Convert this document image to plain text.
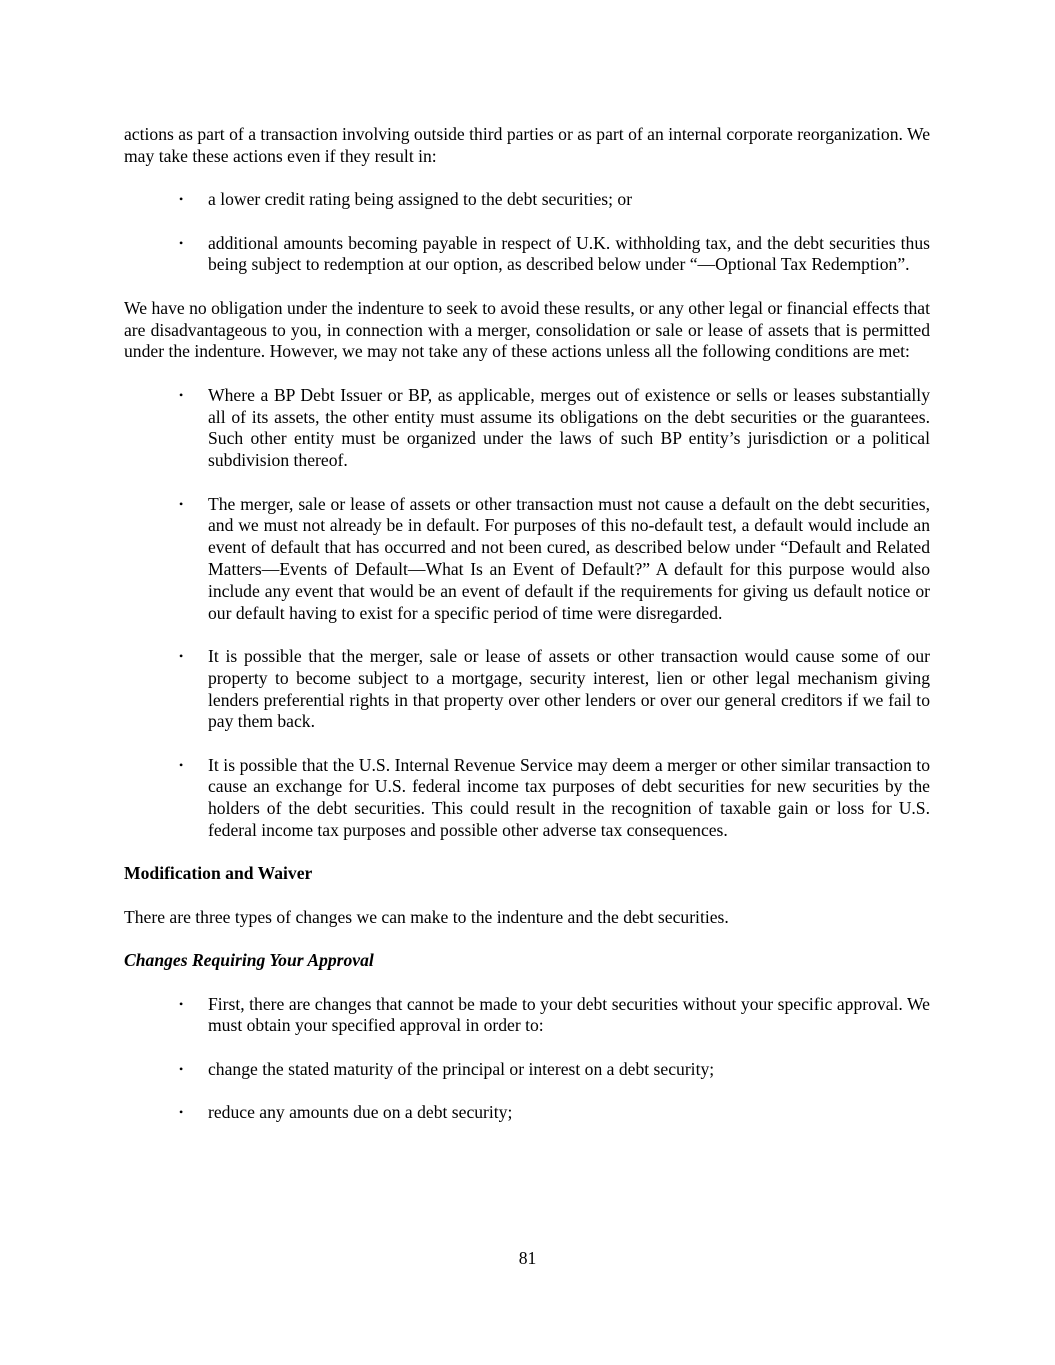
actions as part of a transaction involving outside third parties or as part of an internal corporate reorganization. We may take these actions even if they result in:

• a lower credit rating being assigned to the debt securities; or
• additional amounts becoming payable in respect of U.K. withholding tax, and the debt securities thus being subject to redemption at our option, as described below under “—Optional Tax Redemption”.

We have no obligation under the indenture to seek to avoid these results, or any other legal or financial effects that are disadvantageous to you, in connection with a merger, consolidation or sale or lease of assets that is permitted under the indenture. However, we may not take any of these actions unless all the following conditions are met:

• Where a BP Debt Issuer or BP, as applicable, merges out of existence or sells or leases substantially all of its assets, the other entity must assume its obligations on the debt securities or the guarantees. Such other entity must be organized under the laws of such BP entity’s jurisdiction or a political subdivision thereof.
• The merger, sale or lease of assets or other transaction must not cause a default on the debt securities, and we must not already be in default. For purposes of this no-default test, a default would include an event of default that has occurred and not been cured, as described below under “Default and Related Matters—Events of Default—What Is an Event of Default?” A default for this purpose would also include any event that would be an event of default if the requirements for giving us default notice or our default having to exist for a specific period of time were disregarded.
• It is possible that the merger, sale or lease of assets or other transaction would cause some of our property to become subject to a mortgage, security interest, lien or other legal mechanism giving lenders preferential rights in that property over other lenders or over our general creditors if we fail to pay them back.
• It is possible that the U.S. Internal Revenue Service may deem a merger or other similar transaction to cause an exchange for U.S. federal income tax purposes of debt securities for new securities by the holders of the debt securities. This could result in the recognition of taxable gain or loss for U.S. federal income tax purposes and possible other adverse tax consequences.

Modification and Waiver

There are three types of changes we can make to the indenture and the debt securities.

Changes Requiring Your Approval

• First, there are changes that cannot be made to your debt securities without your specific approval. We must obtain your specified approval in order to:
• change the stated maturity of the principal or interest on a debt security;
• reduce any amounts due on a debt security;
81
